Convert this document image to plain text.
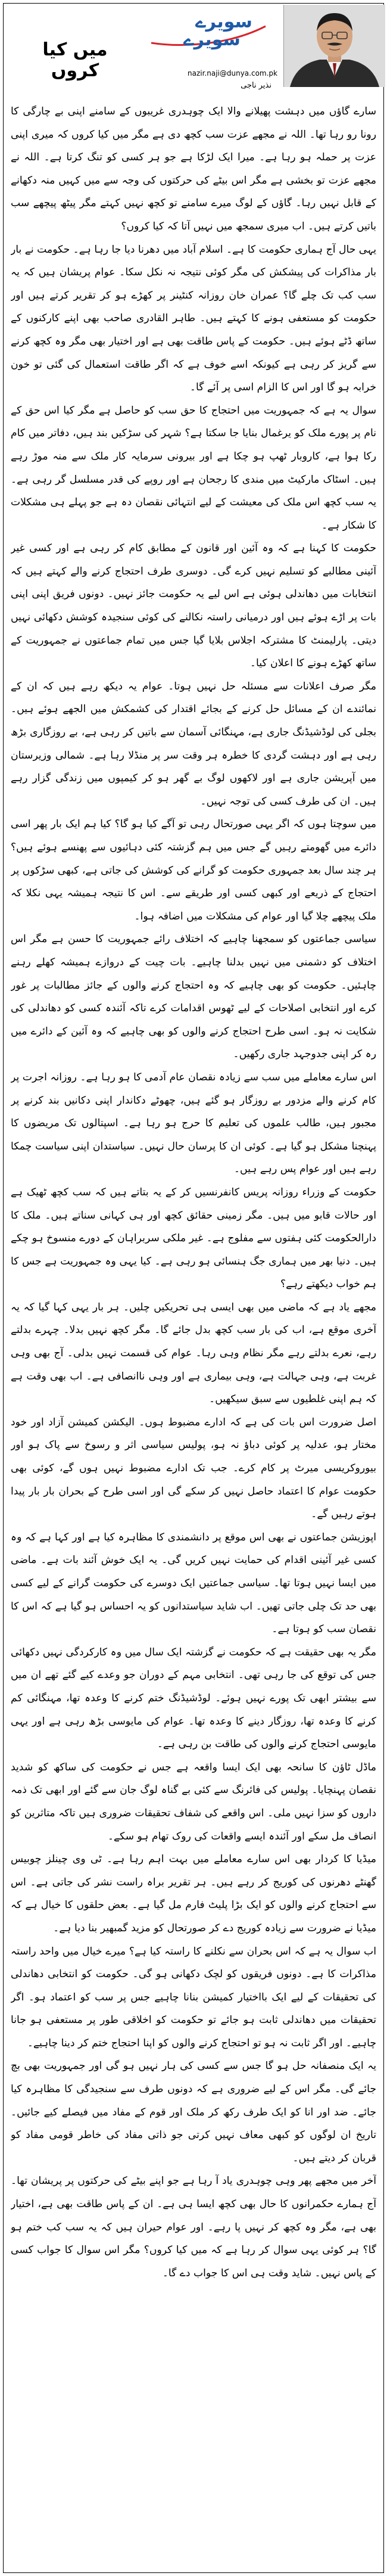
سویرے
سویرے
nazir.naji@dunya.com.pk
نذیر ناجی
میں کیا کروں

سارے گاؤں میں دہشت پھیلانے والا ایک چوہدری غریبوں کے سامنے اپنی بے چارگی کا رونا رو رہا تھا۔ اللہ نے مجھے عزت سب کچھ دی ہے مگر میں کیا کروں کہ میری اپنی عزت پر حملہ ہو رہا ہے۔ میرا ایک لڑکا ہے جو ہر کسی کو تنگ کرتا ہے۔ اللہ نے مجھے عزت تو بخشی ہے مگر اس بیٹے کی حرکتوں کی وجہ سے میں کہیں منہ دکھانے کے قابل نہیں رہا۔ گاؤں کے لوگ میرے سامنے تو کچھ نہیں کہتے مگر پیٹھ پیچھے سب باتیں کرتے ہیں۔ اب میری سمجھ میں نہیں آتا کہ کیا کروں؟

یہی حال آج ہماری حکومت کا ہے۔ اسلام آباد میں دھرنا دیا جا رہا ہے۔ حکومت نے بار بار مذاکرات کی پیشکش کی مگر کوئی نتیجہ نہ نکل سکا۔ عوام پریشان ہیں کہ یہ سب کب تک چلے گا؟ عمران خان روزانہ کنٹینر پر کھڑے ہو کر تقریر کرتے ہیں اور حکومت کو مستعفی ہونے کا کہتے ہیں۔ طاہر القادری صاحب بھی اپنے کارکنوں کے ساتھ ڈٹے ہوئے ہیں۔ حکومت کے پاس طاقت بھی ہے اور اختیار بھی مگر وہ کچھ کرنے سے گریز کر رہی ہے کیونکہ اسے خوف ہے کہ اگر طاقت استعمال کی گئی تو خون خرابہ ہو گا اور اس کا الزام اسی پر آئے گا۔

سوال یہ ہے کہ جمہوریت میں احتجاج کا حق سب کو حاصل ہے مگر کیا اس حق کے نام پر پورے ملک کو یرغمال بنایا جا سکتا ہے؟ شہر کی سڑکیں بند ہیں، دفاتر میں کام رکا ہوا ہے، کاروبار ٹھپ ہو چکا ہے اور بیرونی سرمایہ کار ملک سے منہ موڑ رہے ہیں۔ اسٹاک مارکیٹ میں مندی کا رجحان ہے اور روپے کی قدر مسلسل گر رہی ہے۔ یہ سب کچھ اس ملک کی معیشت کے لیے انتہائی نقصان دہ ہے جو پہلے ہی مشکلات کا شکار ہے۔

حکومت کا کہنا ہے کہ وہ آئین اور قانون کے مطابق کام کر رہی ہے اور کسی غیر آئینی مطالبے کو تسلیم نہیں کرے گی۔ دوسری طرف احتجاج کرنے والے کہتے ہیں کہ انتخابات میں دھاندلی ہوئی ہے اس لیے یہ حکومت جائز نہیں۔ دونوں فریق اپنی اپنی بات پر اڑے ہوئے ہیں اور درمیانی راستہ نکالنے کی کوئی سنجیدہ کوشش دکھائی نہیں دیتی۔ پارلیمنٹ کا مشترکہ اجلاس بلایا گیا جس میں تمام جماعتوں نے جمہوریت کے ساتھ کھڑے ہونے کا اعلان کیا۔

مگر صرف اعلانات سے مسئلہ حل نہیں ہوتا۔ عوام یہ دیکھ رہے ہیں کہ ان کے نمائندے ان کے مسائل حل کرنے کے بجائے اقتدار کی کشمکش میں الجھے ہوئے ہیں۔ بجلی کی لوڈشیڈنگ جاری ہے، مہنگائی آسمان سے باتیں کر رہی ہے، بے روزگاری بڑھ رہی ہے اور دہشت گردی کا خطرہ ہر وقت سر پر منڈلا رہا ہے۔ شمالی وزیرستان میں آپریشن جاری ہے اور لاکھوں لوگ بے گھر ہو کر کیمپوں میں زندگی گزار رہے ہیں۔ ان کی طرف کسی کی توجہ نہیں۔

میں سوچتا ہوں کہ اگر یہی صورتحال رہی تو آگے کیا ہو گا؟ کیا ہم ایک بار پھر اسی دائرے میں گھومتے رہیں گے جس میں ہم گزشتہ کئی دہائیوں سے پھنسے ہوئے ہیں؟ ہر چند سال بعد جمہوری حکومت کو گرانے کی کوشش کی جاتی ہے، کبھی سڑکوں پر احتجاج کے ذریعے اور کبھی کسی اور طریقے سے۔ اس کا نتیجہ ہمیشہ یہی نکلا کہ ملک پیچھے چلا گیا اور عوام کی مشکلات میں اضافہ ہوا۔

سیاسی جماعتوں کو سمجھنا چاہیے کہ اختلاف رائے جمہوریت کا حسن ہے مگر اس اختلاف کو دشمنی میں نہیں بدلنا چاہیے۔ بات چیت کے دروازے ہمیشہ کھلے رہنے چاہئیں۔ حکومت کو بھی چاہیے کہ وہ احتجاج کرنے والوں کے جائز مطالبات پر غور کرے اور انتخابی اصلاحات کے لیے ٹھوس اقدامات کرے تاکہ آئندہ کسی کو دھاندلی کی شکایت نہ ہو۔ اسی طرح احتجاج کرنے والوں کو بھی چاہیے کہ وہ آئین کے دائرے میں رہ کر اپنی جدوجہد جاری رکھیں۔

اس سارے معاملے میں سب سے زیادہ نقصان عام آدمی کا ہو رہا ہے۔ روزانہ اجرت پر کام کرنے والے مزدور بے روزگار ہو گئے ہیں، چھوٹے دکاندار اپنی دکانیں بند کرنے پر مجبور ہیں، طالب علموں کی تعلیم کا حرج ہو رہا ہے۔ اسپتالوں تک مریضوں کا پہنچنا مشکل ہو گیا ہے۔ کوئی ان کا پرسان حال نہیں۔ سیاستدان اپنی سیاست چمکا رہے ہیں اور عوام پس رہے ہیں۔

حکومت کے وزراء روزانہ پریس کانفرنسیں کر کے یہ بتاتے ہیں کہ سب کچھ ٹھیک ہے اور حالات قابو میں ہیں۔ مگر زمینی حقائق کچھ اور ہی کہانی سناتے ہیں۔ ملک کا دارالحکومت کئی ہفتوں سے مفلوج ہے۔ غیر ملکی سربراہان کے دورے منسوخ ہو چکے ہیں۔ دنیا بھر میں ہماری جگ ہنسائی ہو رہی ہے۔ کیا یہی وہ جمہوریت ہے جس کا ہم خواب دیکھتے رہے؟

مجھے یاد ہے کہ ماضی میں بھی ایسی ہی تحریکیں چلیں۔ ہر بار یہی کہا گیا کہ یہ آخری موقع ہے، اب کی بار سب کچھ بدل جائے گا۔ مگر کچھ نہیں بدلا۔ چہرے بدلتے رہے، نعرے بدلتے رہے مگر نظام وہی رہا۔ عوام کی قسمت نہیں بدلی۔ آج بھی وہی غربت ہے، وہی جہالت ہے، وہی بیماری ہے اور وہی ناانصافی ہے۔ اب بھی وقت ہے کہ ہم اپنی غلطیوں سے سبق سیکھیں۔

اصل ضرورت اس بات کی ہے کہ ادارے مضبوط ہوں۔ الیکشن کمیشن آزاد اور خود مختار ہو، عدلیہ پر کوئی دباؤ نہ ہو، پولیس سیاسی اثر و رسوخ سے پاک ہو اور بیوروکریسی میرٹ پر کام کرے۔ جب تک ادارے مضبوط نہیں ہوں گے، کوئی بھی حکومت عوام کا اعتماد حاصل نہیں کر سکے گی اور اسی طرح کے بحران بار بار پیدا ہوتے رہیں گے۔

اپوزیشن جماعتوں نے بھی اس موقع پر دانشمندی کا مظاہرہ کیا ہے اور کہا ہے کہ وہ کسی غیر آئینی اقدام کی حمایت نہیں کریں گی۔ یہ ایک خوش آئند بات ہے۔ ماضی میں ایسا نہیں ہوتا تھا۔ سیاسی جماعتیں ایک دوسرے کی حکومت گرانے کے لیے کسی بھی حد تک چلی جاتی تھیں۔ اب شاید سیاستدانوں کو یہ احساس ہو گیا ہے کہ اس کا نقصان سب کو ہوتا ہے۔

مگر یہ بھی حقیقت ہے کہ حکومت نے گزشتہ ایک سال میں وہ کارکردگی نہیں دکھائی جس کی توقع کی جا رہی تھی۔ انتخابی مہم کے دوران جو وعدے کیے گئے تھے ان میں سے بیشتر ابھی تک پورے نہیں ہوئے۔ لوڈشیڈنگ ختم کرنے کا وعدہ تھا، مہنگائی کم کرنے کا وعدہ تھا، روزگار دینے کا وعدہ تھا۔ عوام کی مایوسی بڑھ رہی ہے اور یہی مایوسی احتجاج کرنے والوں کی طاقت بن رہی ہے۔

ماڈل ٹاؤن کا سانحہ بھی ایک ایسا واقعہ ہے جس نے حکومت کی ساکھ کو شدید نقصان پہنچایا۔ پولیس کی فائرنگ سے کئی بے گناہ لوگ جان سے گئے اور ابھی تک ذمہ داروں کو سزا نہیں ملی۔ اس واقعے کی شفاف تحقیقات ضروری ہیں تاکہ متاثرین کو انصاف مل سکے اور آئندہ ایسے واقعات کی روک تھام ہو سکے۔

میڈیا کا کردار بھی اس سارے معاملے میں بہت اہم رہا ہے۔ ٹی وی چینلز چوبیس گھنٹے دھرنوں کی کوریج کر رہے ہیں۔ ہر تقریر براہ راست نشر کی جاتی ہے۔ اس سے احتجاج کرنے والوں کو ایک بڑا پلیٹ فارم مل گیا ہے۔ بعض حلقوں کا خیال ہے کہ میڈیا نے ضرورت سے زیادہ کوریج دے کر صورتحال کو مزید گمبھیر بنا دیا ہے۔

اب سوال یہ ہے کہ اس بحران سے نکلنے کا راستہ کیا ہے؟ میرے خیال میں واحد راستہ مذاکرات کا ہے۔ دونوں فریقوں کو لچک دکھانی ہو گی۔ حکومت کو انتخابی دھاندلی کی تحقیقات کے لیے ایک بااختیار کمیشن بنانا چاہیے جس پر سب کو اعتماد ہو۔ اگر تحقیقات میں دھاندلی ثابت ہو جائے تو حکومت کو اخلاقی طور پر مستعفی ہو جانا چاہیے۔ اور اگر ثابت نہ ہو تو احتجاج کرنے والوں کو اپنا احتجاج ختم کر دینا چاہیے۔

یہ ایک منصفانہ حل ہو گا جس سے کسی کی ہار نہیں ہو گی اور جمہوریت بھی بچ جائے گی۔ مگر اس کے لیے ضروری ہے کہ دونوں طرف سے سنجیدگی کا مظاہرہ کیا جائے۔ ضد اور انا کو ایک طرف رکھ کر ملک اور قوم کے مفاد میں فیصلے کیے جائیں۔ تاریخ ان لوگوں کو کبھی معاف نہیں کرتی جو ذاتی مفاد کی خاطر قومی مفاد کو قربان کر دیتے ہیں۔

آخر میں مجھے پھر وہی چوہدری یاد آ رہا ہے جو اپنے بیٹے کی حرکتوں پر پریشان تھا۔ آج ہمارے حکمرانوں کا حال بھی کچھ ایسا ہی ہے۔ ان کے پاس طاقت بھی ہے، اختیار بھی ہے، مگر وہ کچھ کر نہیں پا رہے۔ اور عوام حیران ہیں کہ یہ سب کب ختم ہو گا؟ ہر کوئی یہی سوال کر رہا ہے کہ میں کیا کروں؟ مگر اس سوال کا جواب کسی کے پاس نہیں۔ شاید وقت ہی اس کا جواب دے گا۔
